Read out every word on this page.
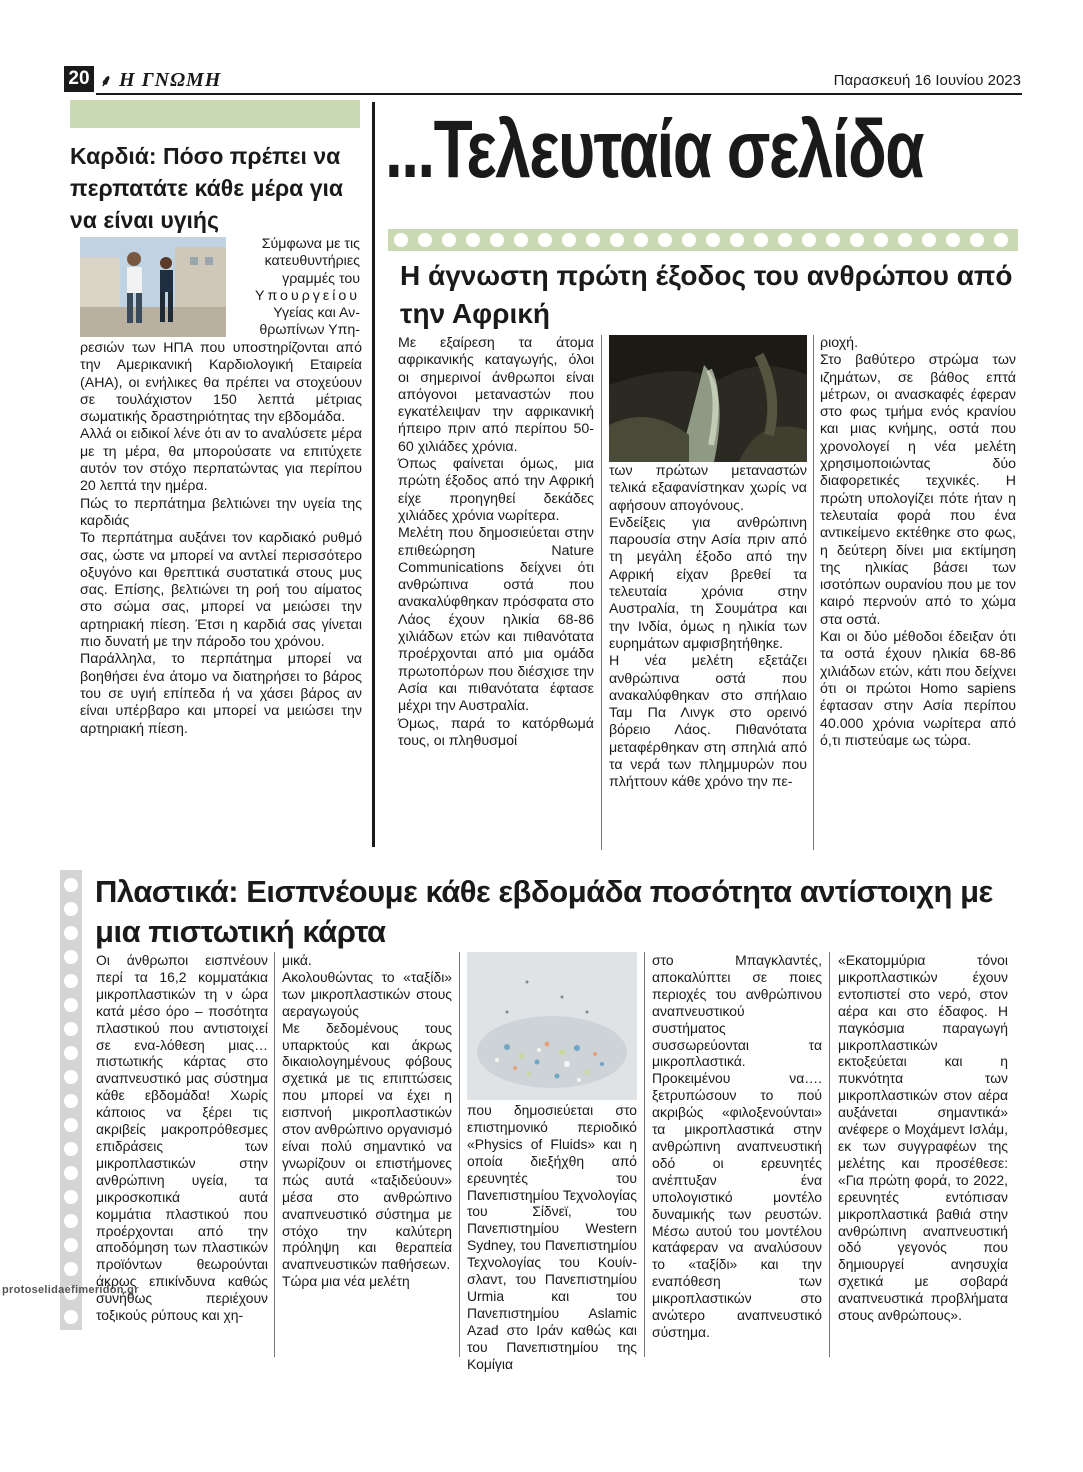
20 ⸙ Η ΓΝΩΜΗ	Παρασκευή 16 Ιουνίου 2023
...Τελευταία σελίδα
Καρδιά: Πόσο πρέπει να περπατάτε κάθε μέρα για να είναι υγιής

Σύμφωνα με τις

κατευθυντήριες

γραμμές του

Υπουργείου

Υγείας και Αν-

θρωπίνων Υπη-

ρεσιών των ΗΠΑ που υποστηρίζονται από την Αμερικανική Καρδιολογική Εταιρεία (AHA), οι ενήλικες θα πρέπει να στοχεύουν σε τουλάχιστον 150 λεπτά μέτριας σωματικής δραστηριότητας την εβδομάδα.

Αλλά οι ειδικοί λένε ότι αν το αναλύσετε μέρα με τη μέρα, θα μπορούσατε να επιτύχετε αυτόν τον στόχο περπατώντας για περίπου 20 λεπτά την ημέρα.

Πώς το περπάτημα βελτιώνει την υγεία της καρδιάς

Το περπάτημα αυξάνει τον καρδιακό ρυθμό σας, ώστε να μπορεί να αντλεί περισσότερο οξυγόνο και θρεπτικά συστατικά στους μυς σας. Επίσης, βελτιώνει τη ροή του αίματος στο σώμα σας, μπορεί να μειώσει την αρτηριακή πίεση. Έτσι η καρδιά σας γίνεται πιο δυνατή με την πάροδο του χρόνου.

Παράλληλα, το περπάτημα μπορεί να βοηθήσει ένα άτομο να διατηρήσει το βάρος του σε υγιή επίπεδα ή να χάσει βάρος αν είναι υπέρβαρο και μπορεί να μειώσει την αρτηριακή πίεση.

Η άγνωστη πρώτη έξοδος του ανθρώπου από την Αφρική

Με εξαίρεση τα άτομα αφρικανικής καταγωγής, όλοι οι σημερινοί άνθρωποι είναι απόγονοι μεταναστών που εγκατέλειψαν την αφρικανική ήπειρο πριν από περίπου 50-60 χιλιάδες χρόνια.

Όπως φαίνεται όμως, μια πρώτη έξοδος από την Αφρική είχε προηγηθεί δεκάδες χιλιάδες χρόνια νωρίτερα.

Μελέτη που δημοσιεύεται στην επιθεώρηση Nature Communications δείχνει ότι ανθρώπινα οστά που ανακαλύφθηκαν πρόσφατα στο Λάος έχουν ηλικία 68-86 χιλιάδων ετών και πιθανότατα προέρχονται από μια ομάδα πρωτοπόρων που διέσχισε την Ασία και πιθανότατα έφτασε μέχρι την Αυστραλία.

Όμως, παρά το κατόρθωμά τους, οι πληθυσμοί

των πρώτων μεταναστών τελικά εξαφανίστηκαν χωρίς να αφήσουν απογόνους.

Ενδείξεις για ανθρώπινη παρουσία στην Ασία πριν από τη μεγάλη έξοδο από την Αφρική είχαν βρεθεί τα τελευταία χρόνια στην Αυστραλία, τη Σουμάτρα και την Ινδία, όμως η ηλικία των ευρημάτων αμφισβητήθηκε.

Η νέα μελέτη εξετάζει ανθρώπινα οστά που ανακαλύφθηκαν στο σπήλαιο Ταμ Πα Λινγκ στο ορεινό βόρειο Λάος. Πιθανότατα μεταφέρθηκαν στη σπηλιά από τα νερά των πλημμυρών που πλήττουν κάθε χρόνο την πε-

ριοχή.

Στο βαθύτερο στρώμα των ιζημάτων, σε βάθος επτά μέτρων, οι ανασκαφές έφεραν στο φως τμήμα ενός κρανίου και μιας κνήμης, οστά που χρονολογεί η νέα μελέτη χρησιμοποιώντας δύο διαφορετικές τεχνικές. Η πρώτη υπολογίζει πότε ήταν η τελευταία φορά που ένα αντικείμενο εκτέθηκε στο φως, η δεύτερη δίνει μια εκτίμηση της ηλικίας βάσει των ισοτόπων ουρανίου που με τον καιρό περνούν από το χώμα στα οστά.

Και οι δύο μέθοδοι έδειξαν ότι τα οστά έχουν ηλικία 68-86 χιλιάδων ετών, κάτι που δείχνει ότι οι πρώτοι Homo sapiens έφτασαν στην Ασία περίπου 40.000 χρόνια νωρίτερα από ό,τι πιστεύαμε ως τώρα.

Πλαστικά: Εισπνέουμε κάθε εβδομάδα ποσότητα αντίστοιχη με μια πιστωτική κάρτα

Οι άνθρωποι εισπνέουν περί τα 16,2 κομματάκια μικροπλαστικών τη ν ώρα κατά μέσο όρο – ποσότητα πλαστικού που αντιστοιχεί σε ενα-λόθεση μιας… πιστωτικής κάρτας στο αναπνευστικό μας σύστημα κάθε εβδομάδα! Χωρίς κάποιος να ξέρει τις ακριβείς μακροπρόθεσμες επιδράσεις των μικροπλαστικών στην ανθρώπινη υγεία, τα μικροσκοπικά αυτά κομμάτια πλαστικού που προέρχονται από την αποδόμηση των πλαστικών προϊόντων θεωρούνται άκρως επικίνδυνα καθώς συνήθως περιέχουν τοξικούς ρύπους και χη-

μικά.

Ακολουθώντας το «ταξίδι» των μικροπλαστικών στους αεραγωγούς

Με δεδομένους τους υπαρκτούς και άκρως δικαιολογημένους φόβους σχετικά με τις επιπτώσεις που μπορεί να έχει η εισπνοή μικροπλαστικών στον ανθρώπινο οργανισμό είναι πολύ σημαντικό να γνωρίζουν οι επιστήμονες πώς αυτά «ταξιδεύουν» μέσα στο ανθρώπινο αναπνευστικό σύστημα με στόχο την καλύτερη πρόληψη και θεραπεία αναπνευστικών παθήσεων.

Τώρα μια νέα μελέτη

που δημοσιεύεται στο επιστημονικό περιοδικό «Physics of Fluids» και η οποία διεξήχθη από ερευνητές του Πανεπιστημίου Τεχνολογίας του Σίδνεϊ, του Πανεπιστημίου Western Sydney, του Πανεπιστημίου Τεχνολογίας του Κουίν- σλαντ, του Πανεπιστημίου Urmia και του Πανεπιστημίου Aslamic Azad στο Ιράν καθώς και του Πανεπιστημίου της Κομίγια

στο Μπαγκλαντές, αποκαλύπτει σε ποιες περιοχές του ανθρώπινου αναπνευστικού συστήματος συσσωρεύονται τα μικροπλαστικά.

Προκειμένου να…. ξετρυπώσουν το πού ακριβώς «φιλοξενούνται» τα μικροπλαστικά στην ανθρώπινη αναπνευστική οδό οι ερευνητές ανέπτυξαν ένα υπολογιστικό μοντέλο δυναμικής των ρευστών. Μέσω αυτού του μοντέλου κατάφεραν να αναλύσουν το «ταξίδι» και την εναπόθεση των μικροπλαστικών στο ανώτερο αναπνευστικό σύστημα.

«Εκατομμύρια τόνοι μικροπλαστικών έχουν εντοπιστεί στο νερό, στον αέρα και στο έδαφος. Η παγκόσμια παραγωγή μικροπλαστικών εκτοξεύεται και η πυκνότητα των μικροπλαστικών στον αέρα αυξάνεται σημαντικά» ανέφερε ο Μοχάμεντ Ισλάμ, εκ των συγγραφέων της μελέτης και προσέθεσε: «Για πρώτη φορά, το 2022, ερευνητές εντόπισαν μικροπλαστικά βαθιά στην ανθρώπινη αναπνευστική οδό γεγονός που δημιουργεί ανησυχία σχετικά με σοβαρά αναπνευστικά προβλήματα στους ανθρώπους».

protoselidaefimeridon.gr
